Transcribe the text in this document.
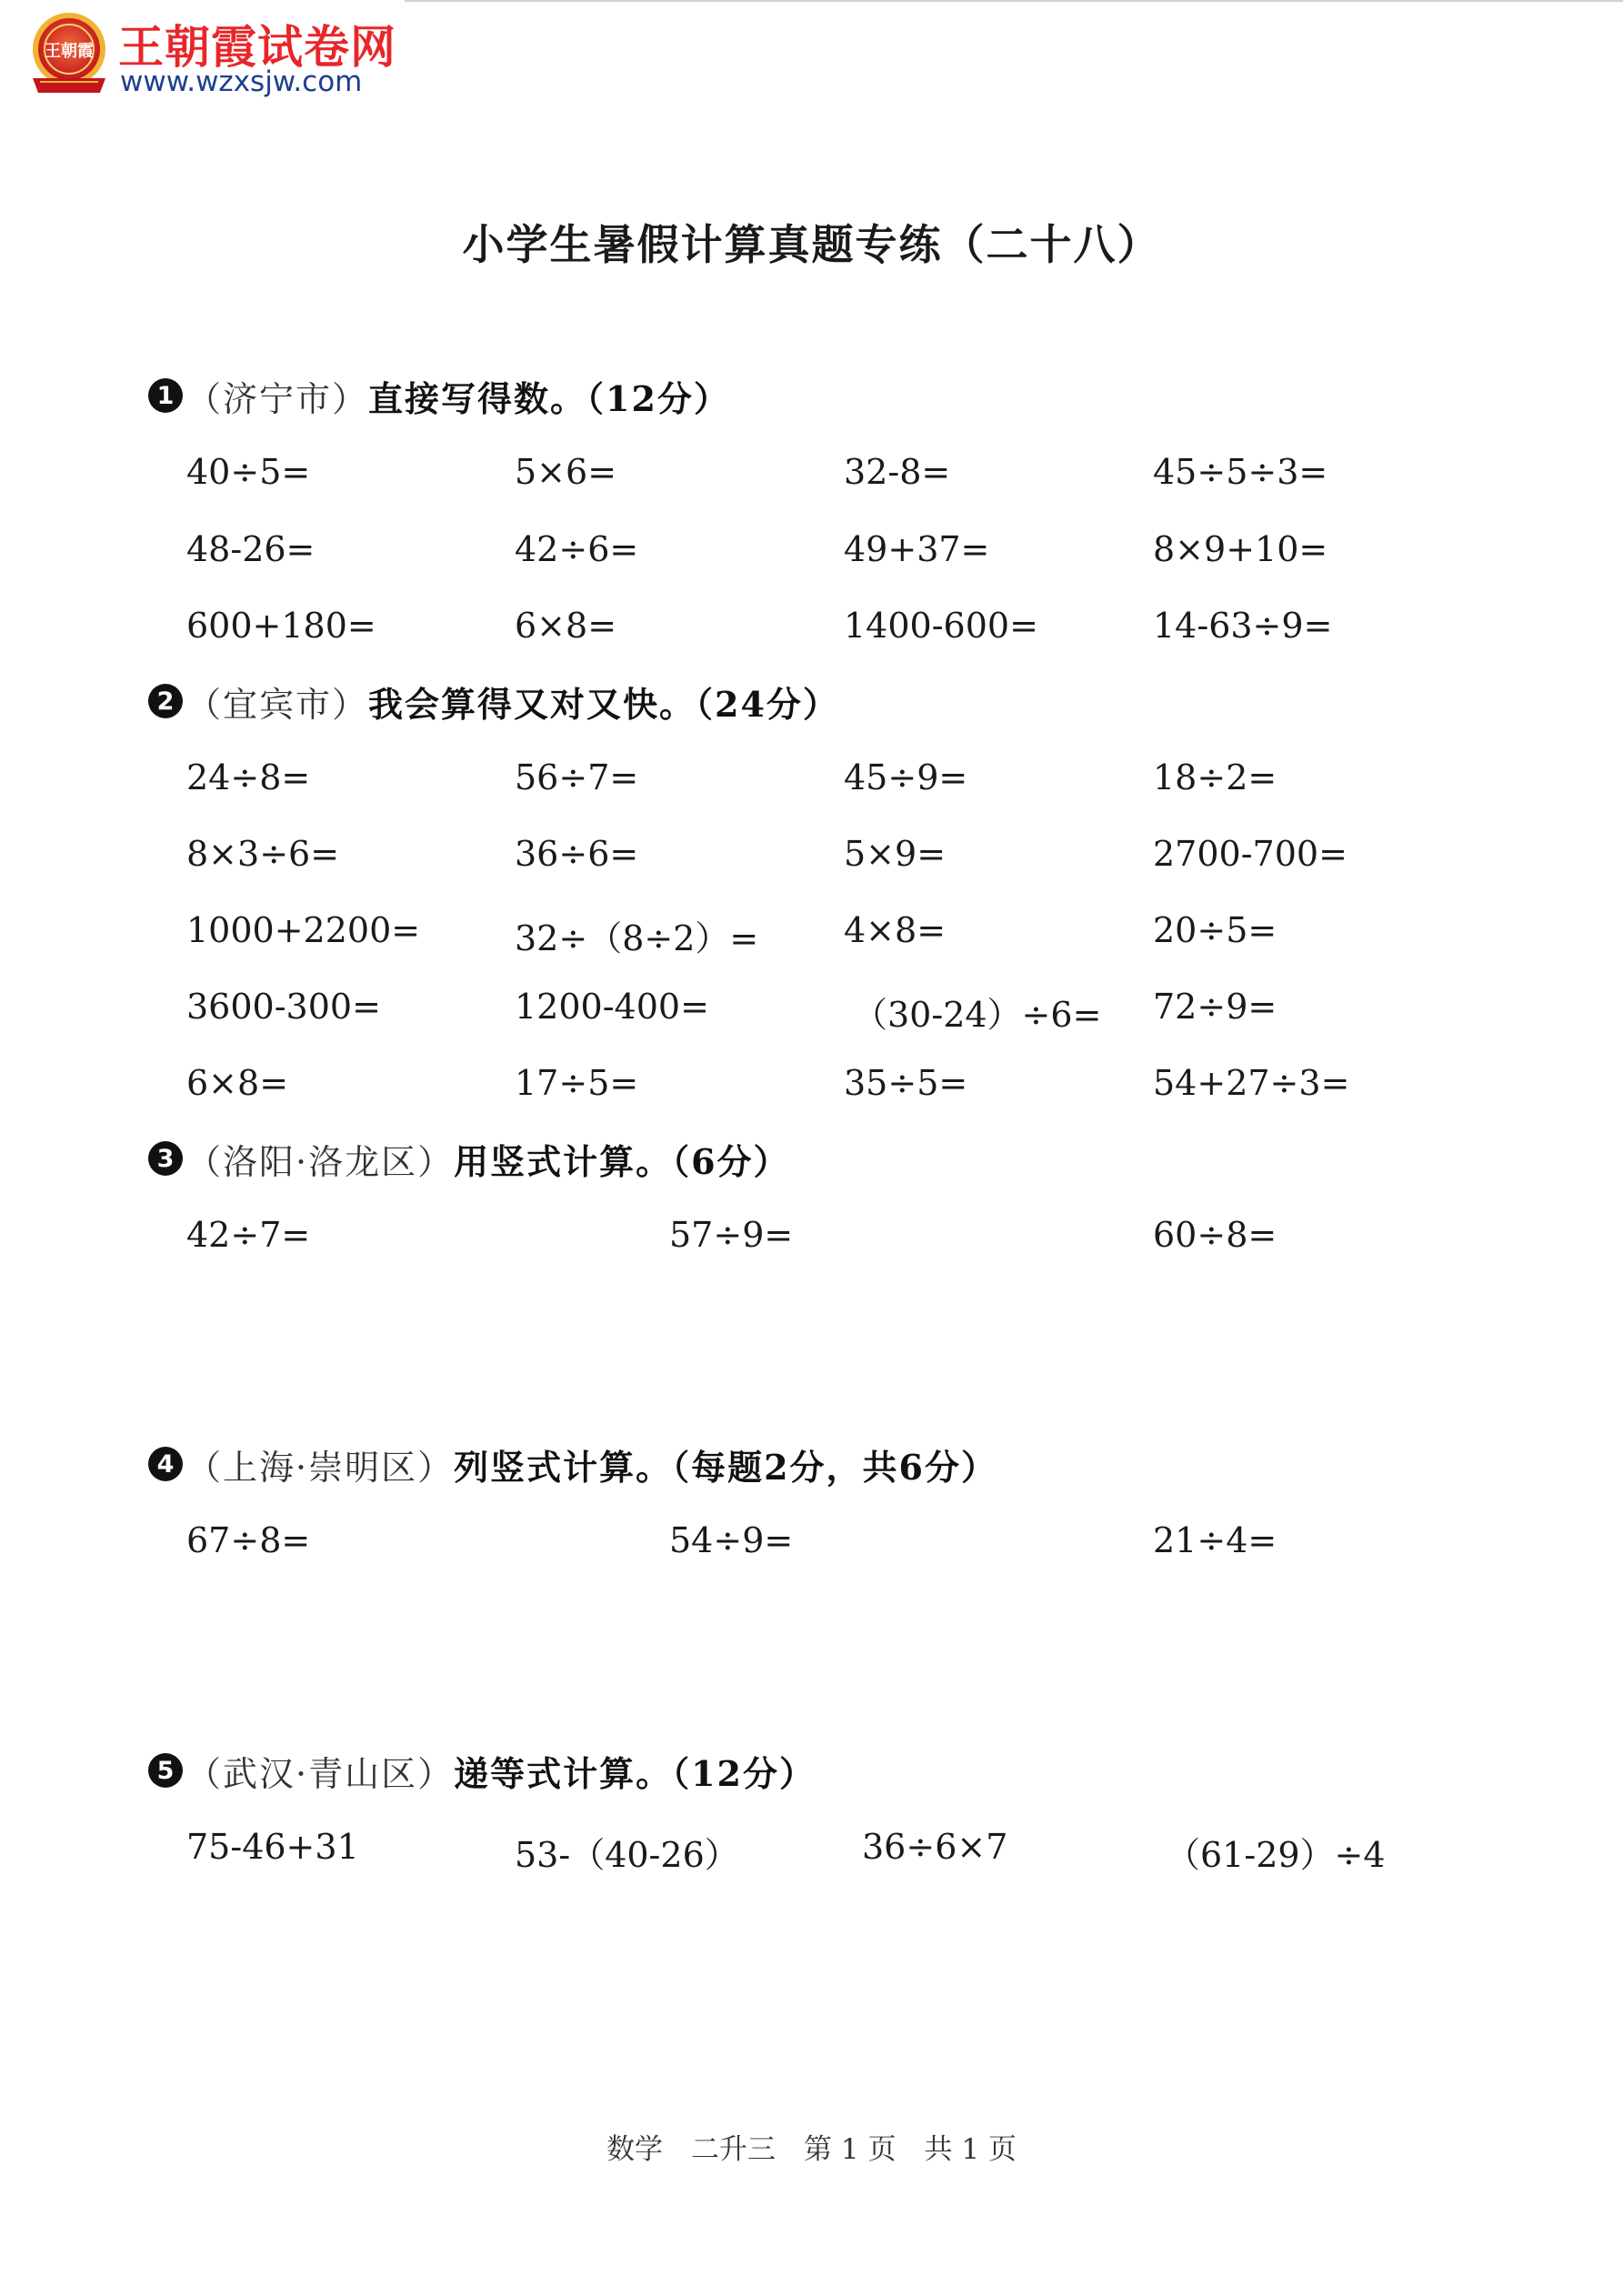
王朝霞 王朝霞试卷网
www.wzxsjw.com
小学生暑假计算真题专练（二十八）
1 （济宁市） 直接写得数。（12分）
40÷5=	5×6=	32-8=	45÷5÷3=
48-26=	42÷6=	49+37=	8×9+10=
600+180=	6×8=	1400-600=	14-63÷9=
2 （宜宾市） 我会算得又对又快。（24分）
24÷8=	56÷7=	45÷9=	18÷2=
8×3÷6=	36÷6=	5×9=	2700-700=
1000+2200=	32÷（8÷2）= 4×8=	20÷5=
3600-300=	1200-400=	（30-24）÷6= 72÷9=
6×8=	17÷5=	35÷5=	54+27÷3=
3 （洛阳·洛龙区） 用竖式计算。（6分）
42÷7=	57÷9=	60÷8=
4 （上海·崇明区） 列竖式计算。（每题2分，共6分）
67÷8=	54÷9=	21÷4=
5 （武汉·青山区） 递等式计算。（12分）
75-46+31	53-（40-26）	36÷6×7	（61-29）÷4
数学　二升三　第 1 页　共 1 页
